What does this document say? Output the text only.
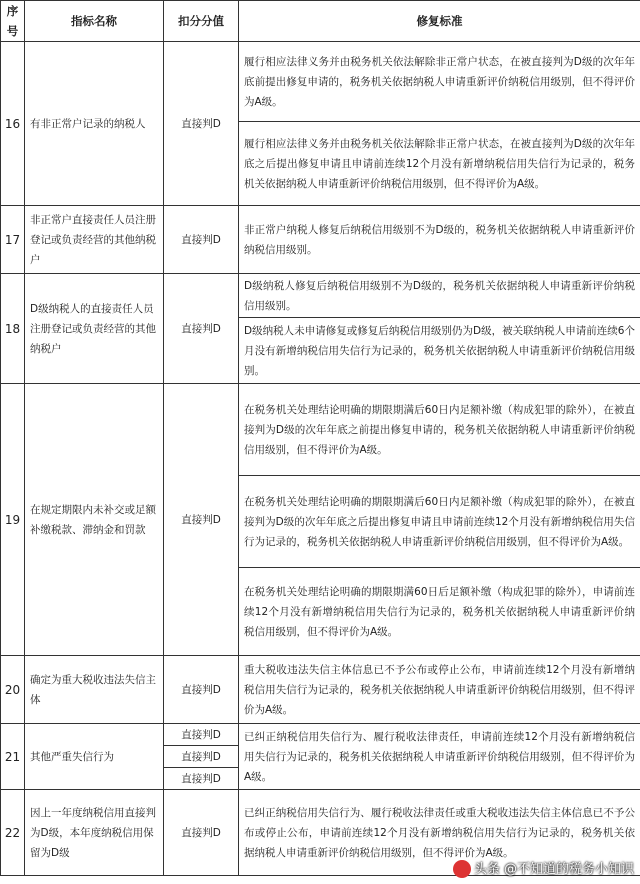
序号	指标名称	扣分分值	修复标准
16	有非正常户记录的纳税人	直接判D	履行相应法律义务并由税务机关依法解除非正常户状态，在被直接判为D级的次年年底前提出修复申请的，税务机关依据纳税人申请重新评价纳税信用级别，但不得评价为A级。
			履行相应法律义务并由税务机关依法解除非正常户状态，在被直接判为D级的次年年底之后提出修复申请且申请前连续12个月没有新增纳税信用失信行为记录的，税务机关依据纳税人申请重新评价纳税信用级别，但不得评价为A级。
17	非正常户直接责任人员注册登记或负责经营的其他纳税户	直接判D	非正常户纳税人修复后纳税信用级别不为D级的，税务机关依据纳税人申请重新评价纳税信用级别。
18	D级纳税人的直接责任人员注册登记或负责经营的其他纳税户	直接判D	D级纳税人修复后纳税信用级别不为D级的，税务机关依据纳税人申请重新评价纳税信用级别。
			D级纳税人未申请修复或修复后纳税信用级别仍为D级，被关联纳税人申请前连续6个月没有新增纳税信用失信行为记录的，税务机关依据纳税人申请重新评价纳税信用级别。
19	在规定期限内未补交或足额补缴税款、滞纳金和罚款	直接判D	在税务机关处理结论明确的期限期满后60日内足额补缴（构成犯罪的除外），在被直接判为D级的次年年底之前提出修复申请的，税务机关依据纳税人申请重新评价纳税信用级别，但不得评价为A级。
			在税务机关处理结论明确的期限期满后60日内足额补缴（构成犯罪的除外），在被直接判为D级的次年年底之后提出修复申请且申请前连续12个月没有新增纳税信用失信行为记录的，税务机关依据纳税人申请重新评价纳税信用级别，但不得评价为A级。
			在税务机关处理结论明确的期限期满60日后足额补缴（构成犯罪的除外），申请前连续12个月没有新增纳税信用失信行为记录的，税务机关依据纳税人申请重新评价纳税信用级别，但不得评价为A级。
20	确定为重大税收违法失信主体	直接判D	重大税收违法失信主体信息已不予公布或停止公布，申请前连续12个月没有新增纳税信用失信行为记录的，税务机关依据纳税人申请重新评价纳税信用级别，但不得评价为A级。
21	其他严重失信行为	直接判D	已纠正纳税信用失信行为、履行税收法律责任，申请前连续12个月没有新增纳税信用失信行为记录的，税务机关依据纳税人申请重新评价纳税信用级别，但不得评价为A级。
		直接判D	
		直接判D	
22	因上一年度纳税信用直接判为D级，本年度纳税信用保留为D级	直接判D	已纠正纳税信用失信行为、履行税收法律责任或重大税收违法失信主体信息已不予公布或停止公布，申请前连续12个月没有新增纳税信用失信行为记录的，税务机关依据纳税人申请重新评价纳税信用级别，但不得评价为A级。
头条 @不知道的税务小知识
